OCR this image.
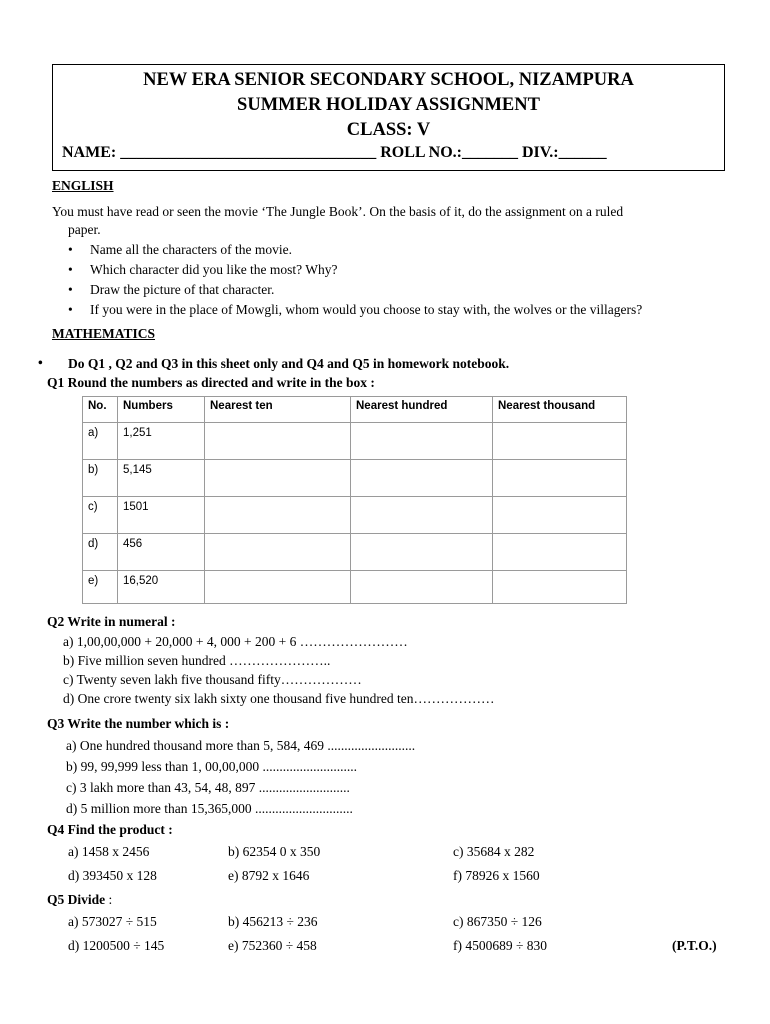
NEW ERA SENIOR SECONDARY SCHOOL, NIZAMPURA
SUMMER HOLIDAY ASSIGNMENT
CLASS: V
NAME: ________________________________ ROLL NO.:_______ DIV.:______
ENGLISH
You must have read or seen the movie ‘The Jungle Book’. On the basis of it, do the assignment on a ruled
paper.
• Name all the characters of the movie.
• Which character did you like the most? Why?
• Draw the picture of that character.
• If you were in the place of Mowgli, whom would you choose to stay with, the wolves or the villagers?
MATHEMATICS
• Do Q1 , Q2 and Q3 in this sheet only and Q4 and Q5 in homework notebook.
Q1 Round the numbers as directed and write in the box :
No.	Numbers	Nearest ten	Nearest hundred	Nearest thousand
a)	1,251			
b)	5,145			
c)	1501			
d)	456			
e)	16,520			
Q2 Write in numeral :
a) 1,00,00,000 + 20,000 + 4, 000 + 200 + 6 ……………………
b) Five million seven hundred …………………..
c) Twenty seven lakh five thousand fifty………………
d) One crore twenty six lakh sixty one thousand five hundred ten………………
Q3 Write the number which is :
a) One hundred thousand more than 5, 584, 469 ..........................
b) 99, 99,999 less than 1, 00,00,000 ............................
c) 3 lakh more than 43, 54, 48, 897 ...........................
d) 5 million more than 15,365,000 .............................
Q4 Find the product :
a) 1458 x 2456	b) 62354 0 x 350	c) 35684 x 282
d) 393450 x 128	e) 8792 x 1646	f) 78926 x 1560
Q5 Divide :
a) 573027 ÷ 515	b) 456213 ÷ 236	c) 867350 ÷ 126
d) 1200500 ÷ 145	e) 752360 ÷ 458	f) 4500689 ÷ 830	(P.T.O.)
